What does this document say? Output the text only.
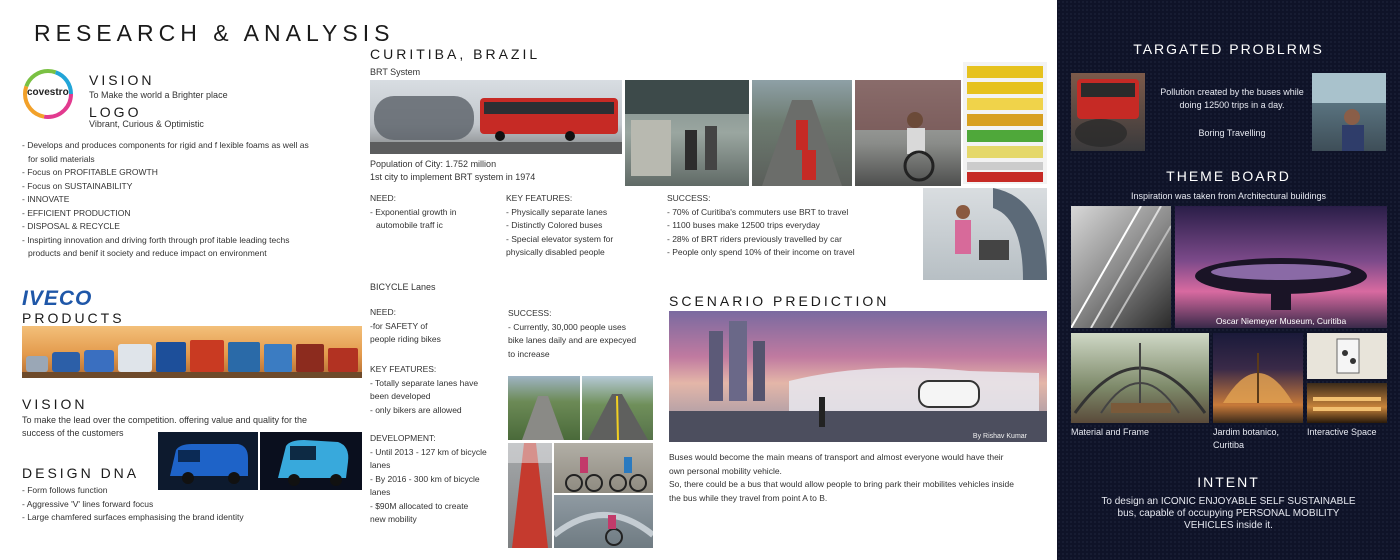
RESEARCH & ANALYSIS
covestro
VISION
To Make the world a Brighter place
LOGO
Vibrant, Curious & Optimistic
- Develops and produces components for rigid and f lexible foams as well as
for solid materials
- Focus on PROFITABLE GROWTH
- Focus on SUSTAINABILITY
- INNOVATE
- EFFICIENT PRODUCTION
- DISPOSAL & RECYCLE
- Inspirting innovation and driving forth through prof itable leading techs
products and benif it society and reduce impact on environment
IVECO
PRODUCTS
VISION
To make the lead over the competition. offering value and quality for the
success of the customers
DESIGN DNA
- Form follows function
- Aggressive 'V' lines forward focus
- Large chamfered surfaces emphasising the brand identity
CURITIBA, BRAZIL
BRT System
Population of City: 1.752 million
1st city to implement BRT system in 1974
NEED:
- Exponential growth in
automobile traff ic
KEY FEATURES:
- Physically separate lanes
- Distinctly Colored buses
- Special elevator system for
physically disabled people
SUCCESS:
- 70% of Curitiba's commuters use BRT to travel
- 1100 buses make 12500 trips everyday
- 28% of BRT riders previously travelled by car
- People only spend 10% of their income on travel
BICYCLE Lanes
NEED:
-for SAFETY of
people riding bikes
KEY FEATURES:
- Totally separate lanes have
been developed
- only bikers are allowed
DEVELOPMENT:
- Until 2013 - 127 km of bicycle
lanes
- By 2016 - 300 km of bicycle
lanes
- $90M allocated to create
new mobility
SUCCESS:
- Currently, 30,000 people uses
bike lanes daily and are expecyed
to increase
SCENARIO PREDICTION
By Rishav Kumar
Buses would become the main means of transport and almost everyone would have their
own personal mobility vehicle.
So, there could be a bus that would allow people to bring park their mobilites vehicles inside
the bus while they travel from point A to B.
TARGATED PROBLRMS
Pollution created by the buses while
doing 12500 trips in a day.
Boring Travelling
THEME BOARD
Inspiration was taken from Architectural buildings
Oscar Niemeyer Museum, Curitiba
Material and Frame	Jardim botanico,
Curitiba
Interactive Space
INTENT
To design an ICONIC ENJOYABLE SELF SUSTAINABLE
bus, capable of occupying PERSONAL MOBILITY
VEHICLES inside it.
